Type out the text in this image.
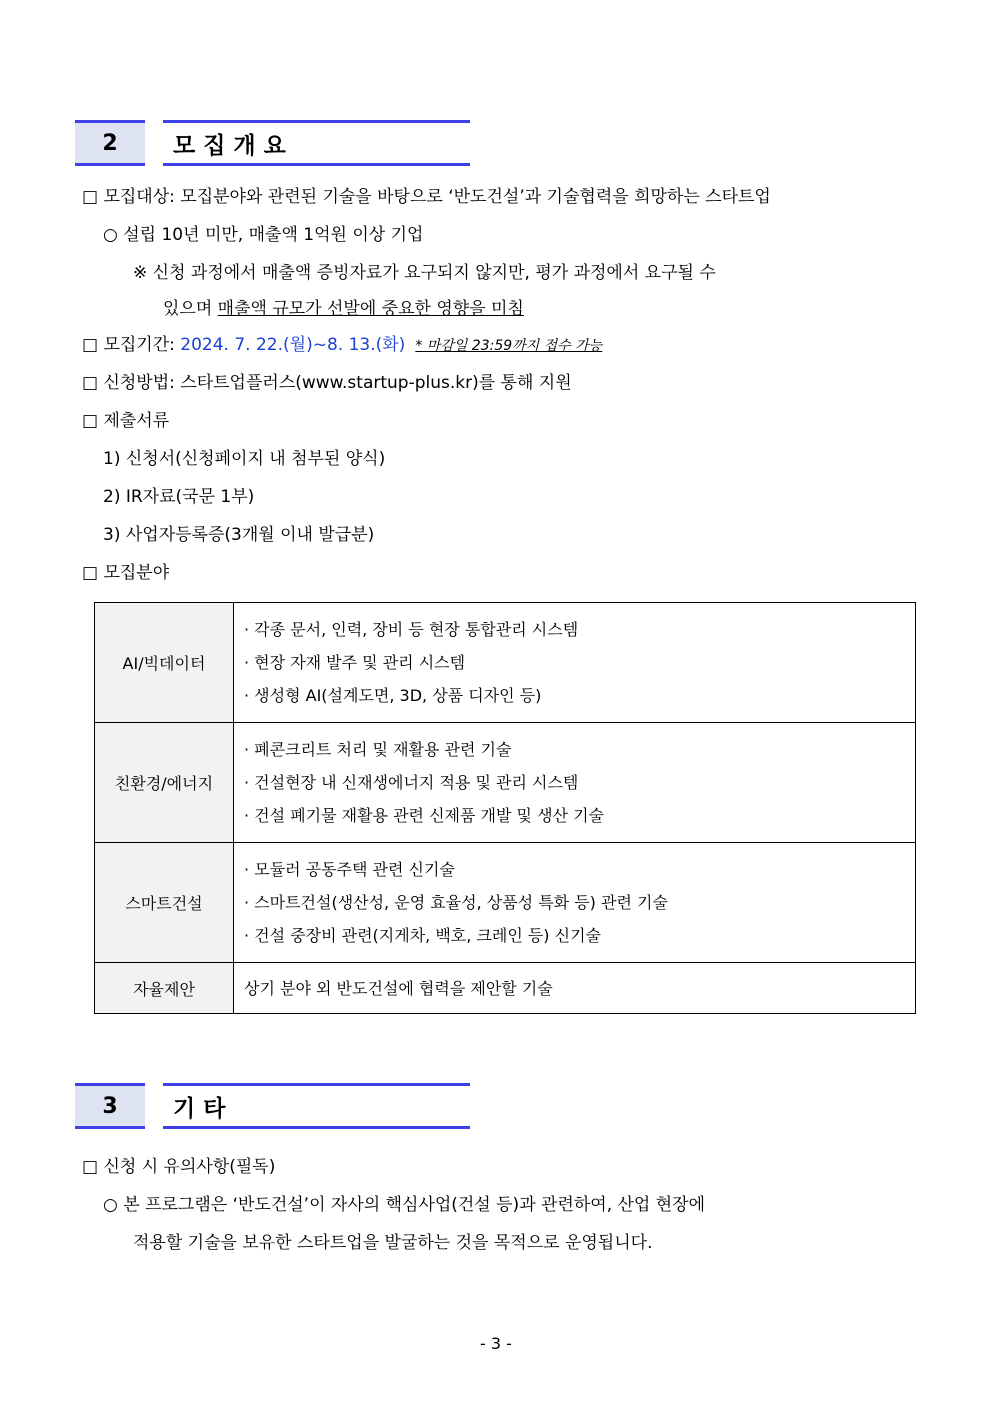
2	모집개요
□ 모집대상: 모집분야와 관련된 기술을 바탕으로 ‘반도건설’과 기술협력을 희망하는 스타트업
○ 설립 10년 미만, 매출액 1억원 이상 기업
※ 신청 과정에서 매출액 증빙자료가 요구되지 않지만, 평가 과정에서 요구될 수
있으며 매출액 규모가 선발에 중요한 영향을 미침
□ 모집기간: 2024. 7. 22.(월)~8. 13.(화) * 마감일 23:59까지 접수 가능
□ 신청방법: 스타트업플러스(www.startup-plus.kr)를 통해 지원
□ 제출서류
1) 신청서(신청페이지 내 첨부된 양식)
2) IR자료(국문 1부)
3) 사업자등록증(3개월 이내 발급분)
□ 모집분야
AI/빅데이터	· 각종 문서, 인력, 장비 등 현장 통합관리 시스템
· 현장 자재 발주 및 관리 시스템
· 생성형 AI(설계도면, 3D, 상품 디자인 등)

친환경/에너지	· 폐콘크리트 처리 및 재활용 관련 기술
· 건설현장 내 신재생에너지 적용 및 관리 시스템
· 건설 폐기물 재활용 관련 신제품 개발 및 생산 기술

스마트건설	· 모듈러 공동주택 관련 신기술
· 스마트건설(생산성, 운영 효율성, 상품성 특화 등) 관련 기술
· 건설 중장비 관련(지게차, 백호, 크레인 등) 신기술

자율제안	상기 분야 외 반도건설에 협력을 제안할 기술
3	기타
□ 신청 시 유의사항(필독)
○ 본 프로그램은 ‘반도건설’이 자사의 핵심사업(건설 등)과 관련하여, 산업 현장에
적용할 기술을 보유한 스타트업을 발굴하는 것을 목적으로 운영됩니다.
- 3 -
